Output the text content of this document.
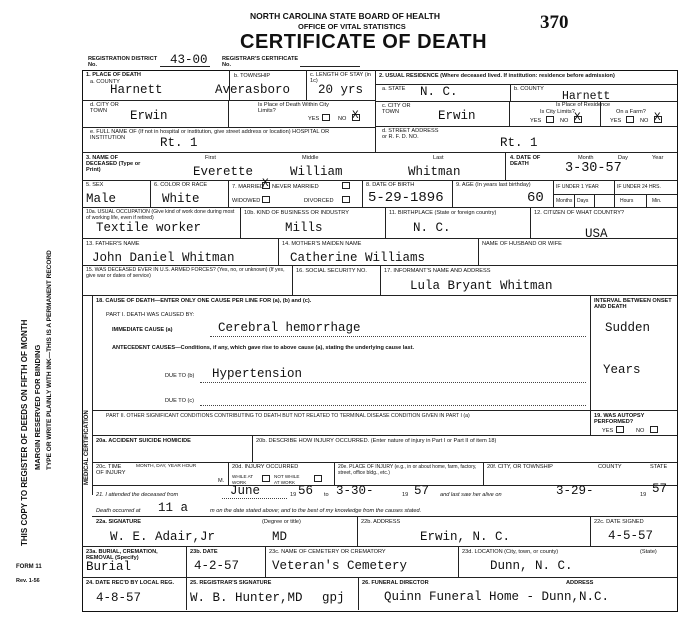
THIS COPY TO REGISTER OF DEEDS ON FIFTH OF MONTH MARGIN RESERVED FOR BINDING TYPE OR WRITE PLAINLY WITH INK—THIS IS A PERMANENT RECORD	MEDICAL CERTIFICATION
FORM 11
Rev. 1-56
NORTH CAROLINA STATE BOARD OF HEALTH
OFFICE OF VITAL STATISTICS	370
CERTIFICATE OF DEATH
REGISTRATION DISTRICT No.	43-00	REGISTRAR'S CERTIFICATE No.
1. PLACE OF DEATH
a. COUNTY
Harnett
b. TOWNSHIP
Averasboro
c. LENGTH OF STAY (in 1c)
20 yrs
d. CITY OR TOWN	Erwin
Is Place of Death Within City Limits?
YES	NO X
e. FULL NAME OF (If not in hospital or institution, give street address or location) HOSPITAL OR INSTITUTION	Rt. 1
2. USUAL RESIDENCE (Where deceased lived. If institution: residence before admission)
a. STATE N. C.	b. COUNTY
Harnett
c. CITY OR TOWN	Erwin
Is Place of Residence
Is City Limits?	On a Farm?
YES	NO X	YES	NO X
d. STREET ADDRESS or R. F. D. NO.	Rt. 1
3. NAME OF DECEASED (Type or Print)
First
Everette
Middle
William
Last
Whitman
4. DATE OF DEATH
Month	Day	Year
3-30-57
5. SEX
Male
6. COLOR OR RACE
White
7. MARRIED
X NEVER MARRIED
WIDOWED	DIVORCED
8. DATE OF BIRTH
5-29-1896
9. AGE (In years last birthday)
60
IF UNDER 1 YEAR	IF UNDER 24 HRS.
Months Days	Hours	Min.
10a. USUAL OCCUPATION (Give kind of work done during most of working life, even if retired)
Textile worker
10b. KIND OF BUSINESS OR INDUSTRY
Mills
11. BIRTHPLACE (State or foreign country)
N. C.
12. CITIZEN OF WHAT COUNTRY?
USA
13. FATHER'S NAME
John Daniel Whitman
14. MOTHER'S MAIDEN NAME
Catherine Williams
NAME OF HUSBAND OR WIFE
15. WAS DECEASED EVER IN U.S. ARMED FORCES? (Yes, no, or unknown) (If yes, give war or dates of service)
16. SOCIAL SECURITY NO.	17. INFORMANT'S NAME AND ADDRESS
Lula Bryant Whitman
18. CAUSE OF DEATH—ENTER ONLY ONE CAUSE PER LINE FOR (a), (b) and (c).	INTERVAL BETWEEN ONSET AND DEATH
PART I. DEATH WAS CAUSED BY:
IMMEDIATE CAUSE (a)	Cerebral hemorrhage	Sudden
ANTECEDENT CAUSES—Conditions, if any, which gave rise to above cause (a), stating the underlying cause last.
DUE TO (b) Hypertension	Years
DUE TO (c)
PART II. OTHER SIGNIFICANT CONDITIONS CONTRIBUTING TO DEATH BUT NOT RELATED TO TERMINAL DISEASE CONDITION GIVEN IN PART I (a)	19. WAS AUTOPSY PERFORMED?
YES	NO
20a. ACCIDENT SUICIDE HOMICIDE	20b. DESCRIBE HOW INJURY OCCURRED. (Enter nature of injury in Part I or Part II of item 18)
20c. TIME OF INJURY
MONTH, DAY, YEAR HOUR
M.
20d. INJURY OCCURRED
WHILE AT WORK
NOT WHILE AT WORK
20e. PLACE OF INJURY (e.g., in or about home, farm, factory, street, office bldg., etc.)
20f. CITY, OR TOWNSHIP	COUNTY	STATE
21. I attended the deceased from	June	19 56 to 3-30-	19 57 and last saw her alive on	3-29-	19 57
Death occurred at 11 a	m on the date stated above; and to the best of my knowledge from the causes stated.
22a. SIGNATURE
W. E. Adair,Jr
(Degree or title)
MD
22b. ADDRESS
Erwin, N. C.
22c. DATE SIGNED
4-5-57
23a. BURIAL, CREMATION, REMOVAL (Specify)
Burial
23b. DATE
4-2-57
23c. NAME OF CEMETERY OR CREMATORY
Veteran's Cemetery
23d. LOCATION (City, town, or county)	(State)
Dunn, N. C.
24. DATE REC'D BY LOCAL REG.
4-8-57
25. REGISTRAR'S SIGNATURE
W. B. Hunter,MD gpj
26. FUNERAL DIRECTOR	ADDRESS
Quinn Funeral Home - Dunn,N.C.
